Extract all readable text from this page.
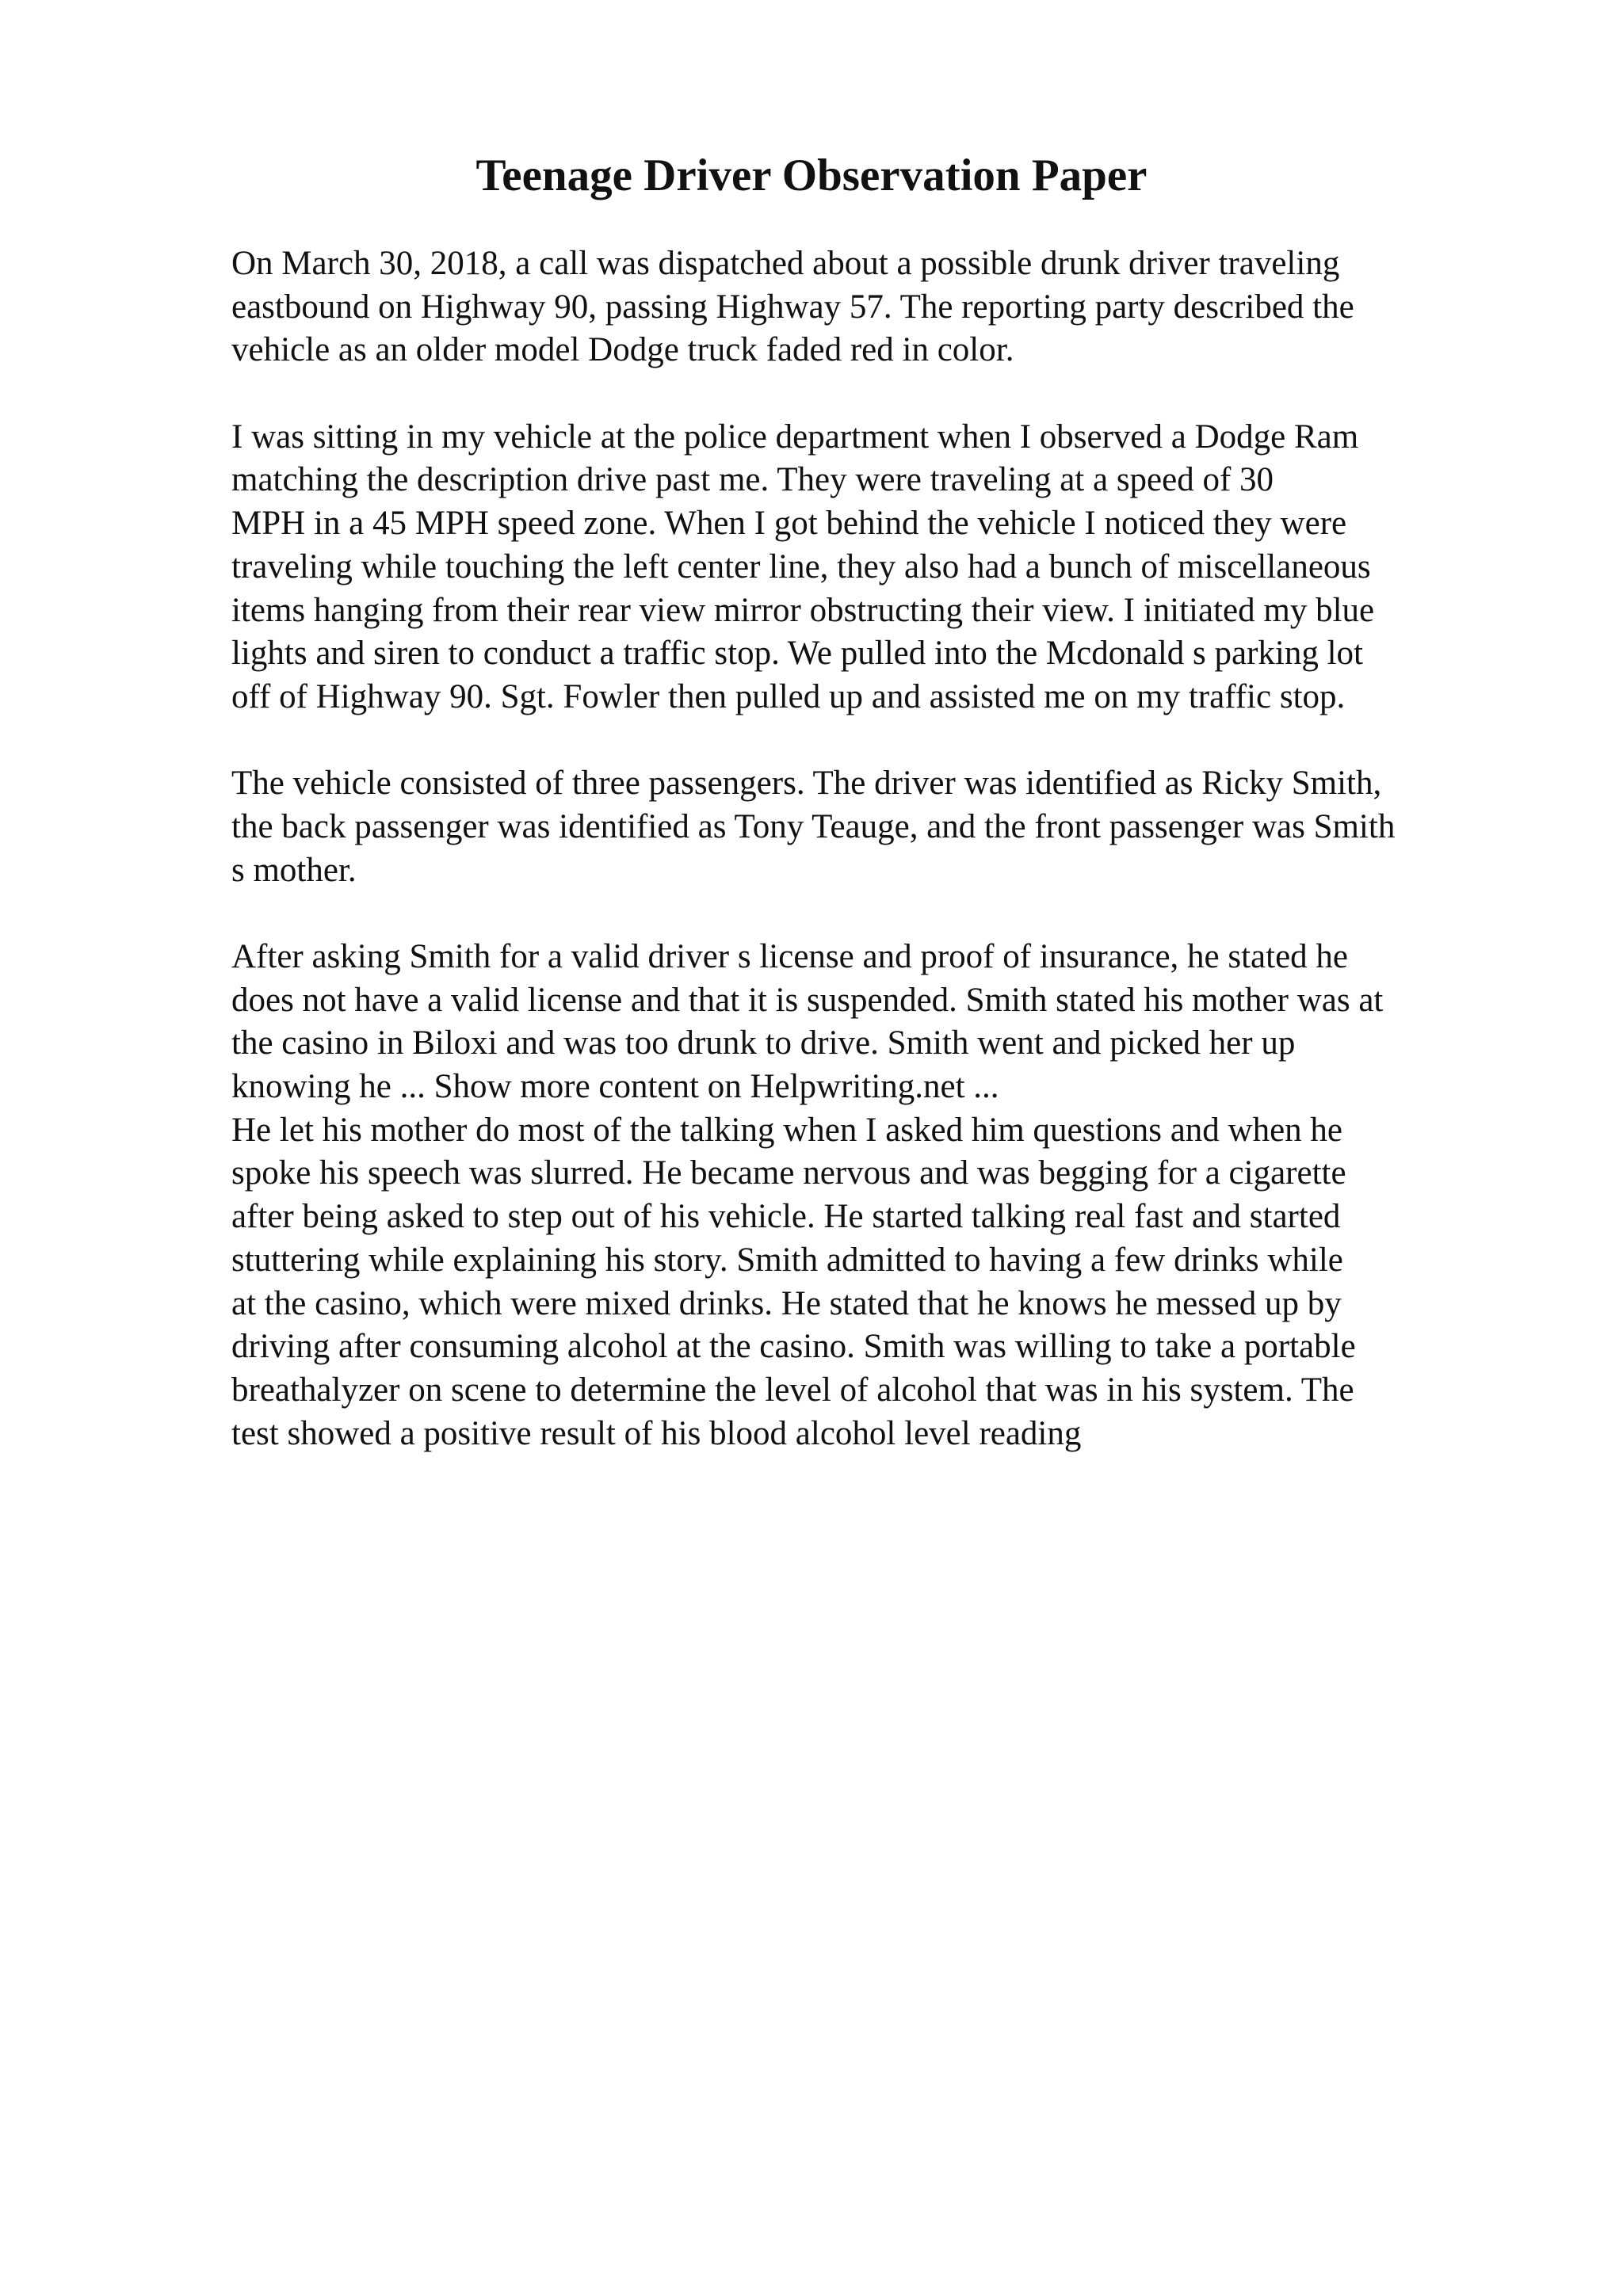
Teenage Driver Observation Paper
On March 30, 2018, a call was dispatched about a possible drunk driver traveling
eastbound on Highway 90, passing Highway 57. The reporting party described the
vehicle as an older model Dodge truck faded red in color.
I was sitting in my vehicle at the police department when I observed a Dodge Ram
matching the description drive past me. They were traveling at a speed of 30
MPH in a 45 MPH speed zone. When I got behind the vehicle I noticed they were
traveling while touching the left center line, they also had a bunch of miscellaneous
items hanging from their rear view mirror obstructing their view. I initiated my blue
lights and siren to conduct a traffic stop. We pulled into the Mcdonald s parking lot
off of Highway 90. Sgt. Fowler then pulled up and assisted me on my traffic stop.
The vehicle consisted of three passengers. The driver was identified as Ricky Smith,
the back passenger was identified as Tony Teauge, and the front passenger was Smith
s mother.
After asking Smith for a valid driver s license and proof of insurance, he stated he
does not have a valid license and that it is suspended. Smith stated his mother was at
the casino in Biloxi and was too drunk to drive. Smith went and picked her up
knowing he ... Show more content on Helpwriting.net ...
He let his mother do most of the talking when I asked him questions and when he
spoke his speech was slurred. He became nervous and was begging for a cigarette
after being asked to step out of his vehicle. He started talking real fast and started
stuttering while explaining his story. Smith admitted to having a few drinks while
at the casino, which were mixed drinks. He stated that he knows he messed up by
driving after consuming alcohol at the casino. Smith was willing to take a portable
breathalyzer on scene to determine the level of alcohol that was in his system. The
test showed a positive result of his blood alcohol level reading
